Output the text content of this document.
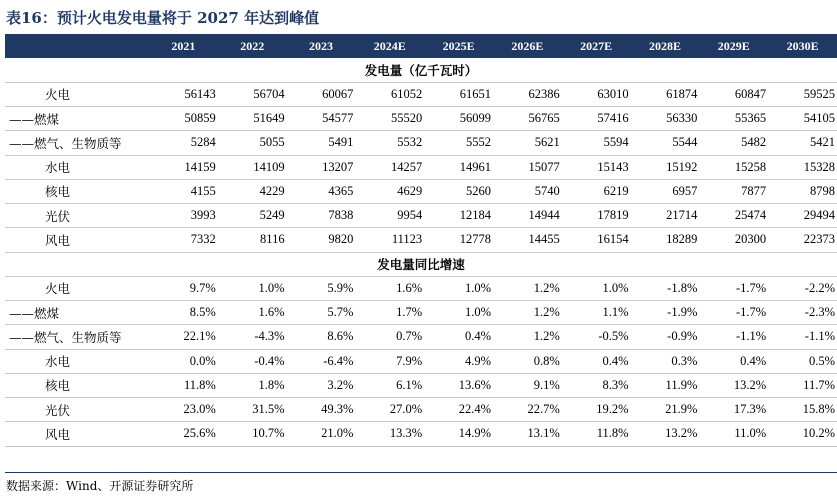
表16：预计火电发电量将于 2027 年达到峰值
	2021	2022	2023	2024E	2025E	2026E	2027E	2028E	2029E	2030E
发电量（亿千瓦时）										
火电	56143	56704	60067	61052	61651	62386	63010	61874	60847	59525
——燃煤	50859	51649	54577	55520	56099	56765	57416	56330	55365	54105
——燃气、生物质等	5284	5055	5491	5532	5552	5621	5594	5544	5482	5421
水电	14159	14109	13207	14257	14961	15077	15143	15192	15258	15328
核电	4155	4229	4365	4629	5260	5740	6219	6957	7877	8798
光伏	3993	5249	7838	9954	12184	14944	17819	21714	25474	29494
风电	7332	8116	9820	11123	12778	14455	16154	18289	20300	22373
发电量同比增速										
火电	9.7%	1.0%	5.9%	1.6%	1.0%	1.2%	1.0%	-1.8%	-1.7%	-2.2%
——燃煤	8.5%	1.6%	5.7%	1.7%	1.0%	1.2%	1.1%	-1.9%	-1.7%	-2.3%
——燃气、生物质等	22.1%	-4.3%	8.6%	0.7%	0.4%	1.2%	-0.5%	-0.9%	-1.1%	-1.1%
水电	0.0%	-0.4%	-6.4%	7.9%	4.9%	0.8%	0.4%	0.3%	0.4%	0.5%
核电	11.8%	1.8%	3.2%	6.1%	13.6%	9.1%	8.3%	11.9%	13.2%	11.7%
光伏	23.0%	31.5%	49.3%	27.0%	22.4%	22.7%	19.2%	21.9%	17.3%	15.8%
风电	25.6%	10.7%	21.0%	13.3%	14.9%	13.1%	11.8%	13.2%	11.0%	10.2%
数据来源：Wind、开源证券研究所
